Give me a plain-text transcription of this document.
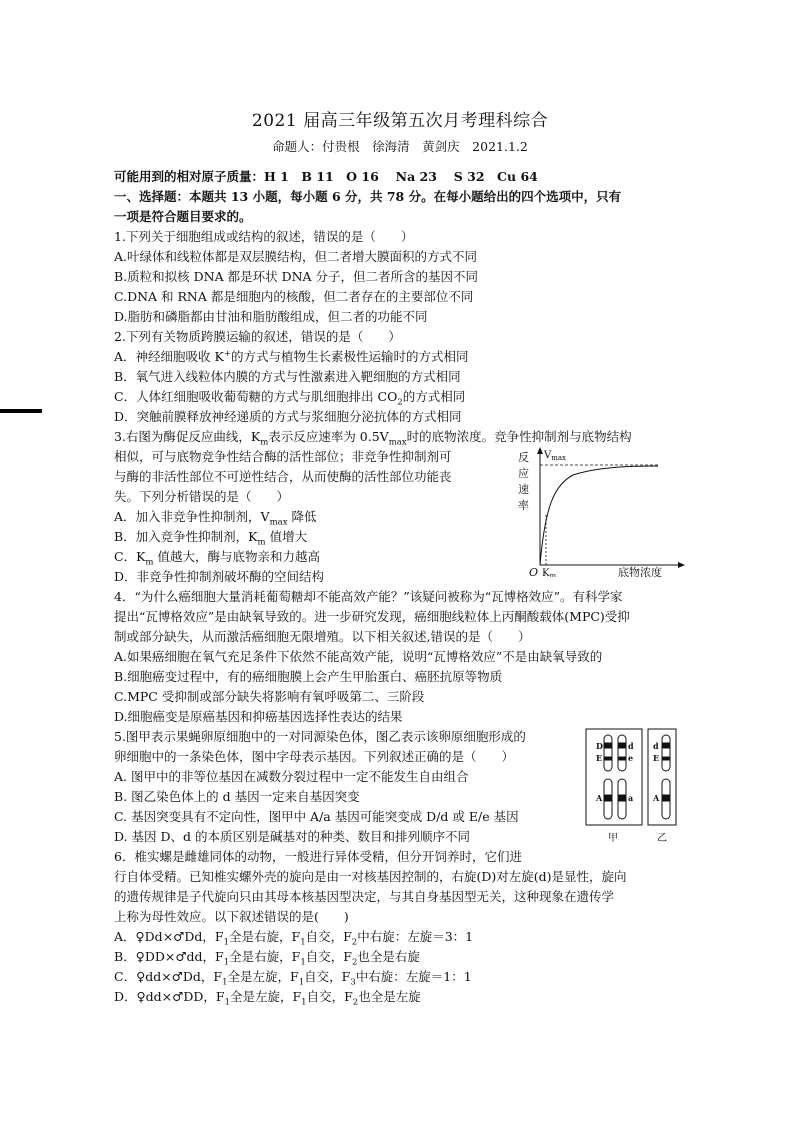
2021 届高三年级第五次月考理科综合
命题人：付贵根　徐海清　黄剑庆　2021.1.2
可能用到的相对原子质量：H 1　B 11　O 16　 Na 23　 S 32　Cu 64
一、选择题：本题共 13 小题，每小题 6 分，共 78 分。在每小题给出的四个选项中，只有
一项是符合题目要求的。
1.下列关于细胞组成或结构的叙述，错误的是（　　）
A.叶绿体和线粒体都是双层膜结构，但二者增大膜面积的方式不同
B.质粒和拟核 DNA 都是环状 DNA 分子，但二者所含的基因不同
C.DNA 和 RNA 都是细胞内的核酸，但二者存在的主要部位不同
D.脂肪和磷脂都由甘油和脂肪酸组成，但二者的功能不同
2.下列有关物质跨膜运输的叙述，错误的是（　　）
A．神经细胞吸收 K+的方式与植物生长素极性运输时的方式相同
B．氧气进入线粒体内膜的方式与性激素进入靶细胞的方式相同
C．人体红细胞吸收葡萄糖的方式与肌细胞排出 $CO_2$的方式相同
D．突触前膜释放神经递质的方式与浆细胞分泌抗体的方式相同
3.右图为酶促反应曲线，$K_m$表示反应速率为 $0.5V_{max}$时的底物浓度。竞争性抑制剂与底物结构
相似，可与底物竞争性结合酶的活性部位；非竞争性抑制剂可
与酶的非活性部位不可逆性结合，从而使酶的活性部位功能丧
失。下列分析错误的是（　　）
A．加入非竞争性抑制剂，$V_{max}$ 降低
B．加入竞争性抑制剂，$K_m$ 值增大
C．$K_m$ 值越大，酶与底物亲和力越高
D．非竞争性抑制剂破坏酶的空间结构
反
应
速
率
$V_{max}$
O $K_m$	底物浓度
4．“为什么癌细胞大量消耗葡萄糖却不能高效产能？”该疑问被称为“瓦博格效应”。有科学家
提出“瓦博格效应”是由缺氧导致的。进一步研究发现，癌细胞线粒体上丙酮酸载体(MPC)受抑
制或部分缺失，从而激活癌细胞无限增殖。以下相关叙述,错误的是（　　）
A.如果癌细胞在氧气充足条件下依然不能高效产能，说明“瓦博格效应”不是由缺氧导致的
B.细胞癌变过程中，有的癌细胞膜上会产生甲胎蛋白、癌胚抗原等物质
C.MPC 受抑制或部分缺失将影响有氧呼吸第二、三阶段
D.细胞癌变是原癌基因和抑癌基因选择性表达的结果
5.图甲表示果蝇卵原细胞中的一对同源染色体，图乙表示该卵原细胞形成的
卵细胞中的一条染色体，图中字母表示基因。下列叙述正确的是（　　）
A. 图甲中的非等位基因在减数分裂过程中一定不能发生自由组合
B. 图乙染色体上的 d 基因一定来自基因突变
C. 基因突变具有不定向性，图甲中 A/a 基因可能突变成 D/d 或 E/e 基因
D. 基因 D、d 的本质区别是碱基对的种类、数目和排列顺序不同
D
E
A
d
e
a
d
E
A
甲	乙
6．椎实螺是雌雄同体的动物，一般进行异体受精，但分开饲养时，它们进
行自体受精。已知椎实螺外壳的旋向是由一对核基因控制的，右旋(D)对左旋(d)是显性，旋向
的遗传规律是子代旋向只由其母本核基因型决定，与其自身基因型无关，这种现象在遗传学
上称为母性效应。以下叙述错误的是(　　)
A．♀Dd×♂Dd，$F_1$全是右旋，$F_1$自交，$F_2$中右旋：左旋＝3：1
B．♀DD×♂dd，$F_1$全是右旋，$F_1$自交，$F_2$也全是右旋
C．♀dd×♂Dd，$F_1$全是左旋，$F_1$自交，$F_3$中右旋：左旋＝1：1
D．♀dd×♂DD，$F_1$全是左旋，$F_1$自交，$F_2$也全是左旋
